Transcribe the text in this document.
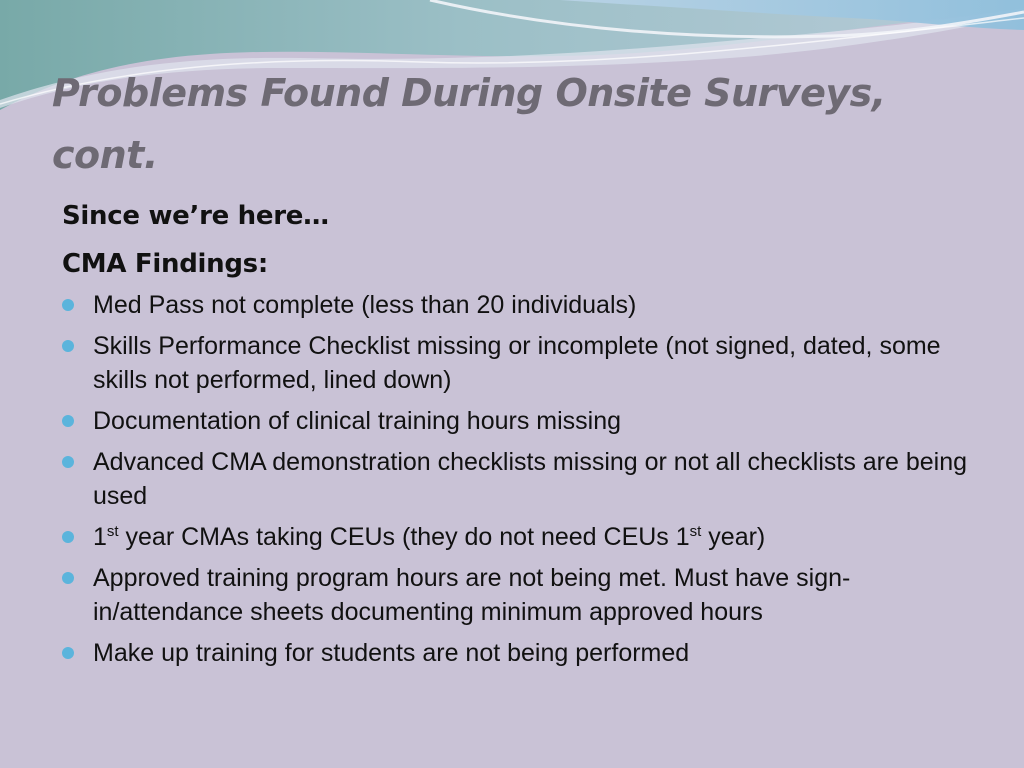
Problems Found During Onsite Surveys, cont.
Since we’re here…
CMA Findings:
Med Pass not complete (less than 20 individuals)
Skills Performance Checklist missing or incomplete (not signed, dated, some skills not performed, lined down)
Documentation of clinical training hours missing
Advanced CMA demonstration checklists missing or not all checklists are being used
1st year CMAs taking CEUs (they do not need CEUs 1st year)
Approved training program hours are not being met. Must have sign-in/attendance sheets documenting minimum approved hours
Make up training for students are not being performed
